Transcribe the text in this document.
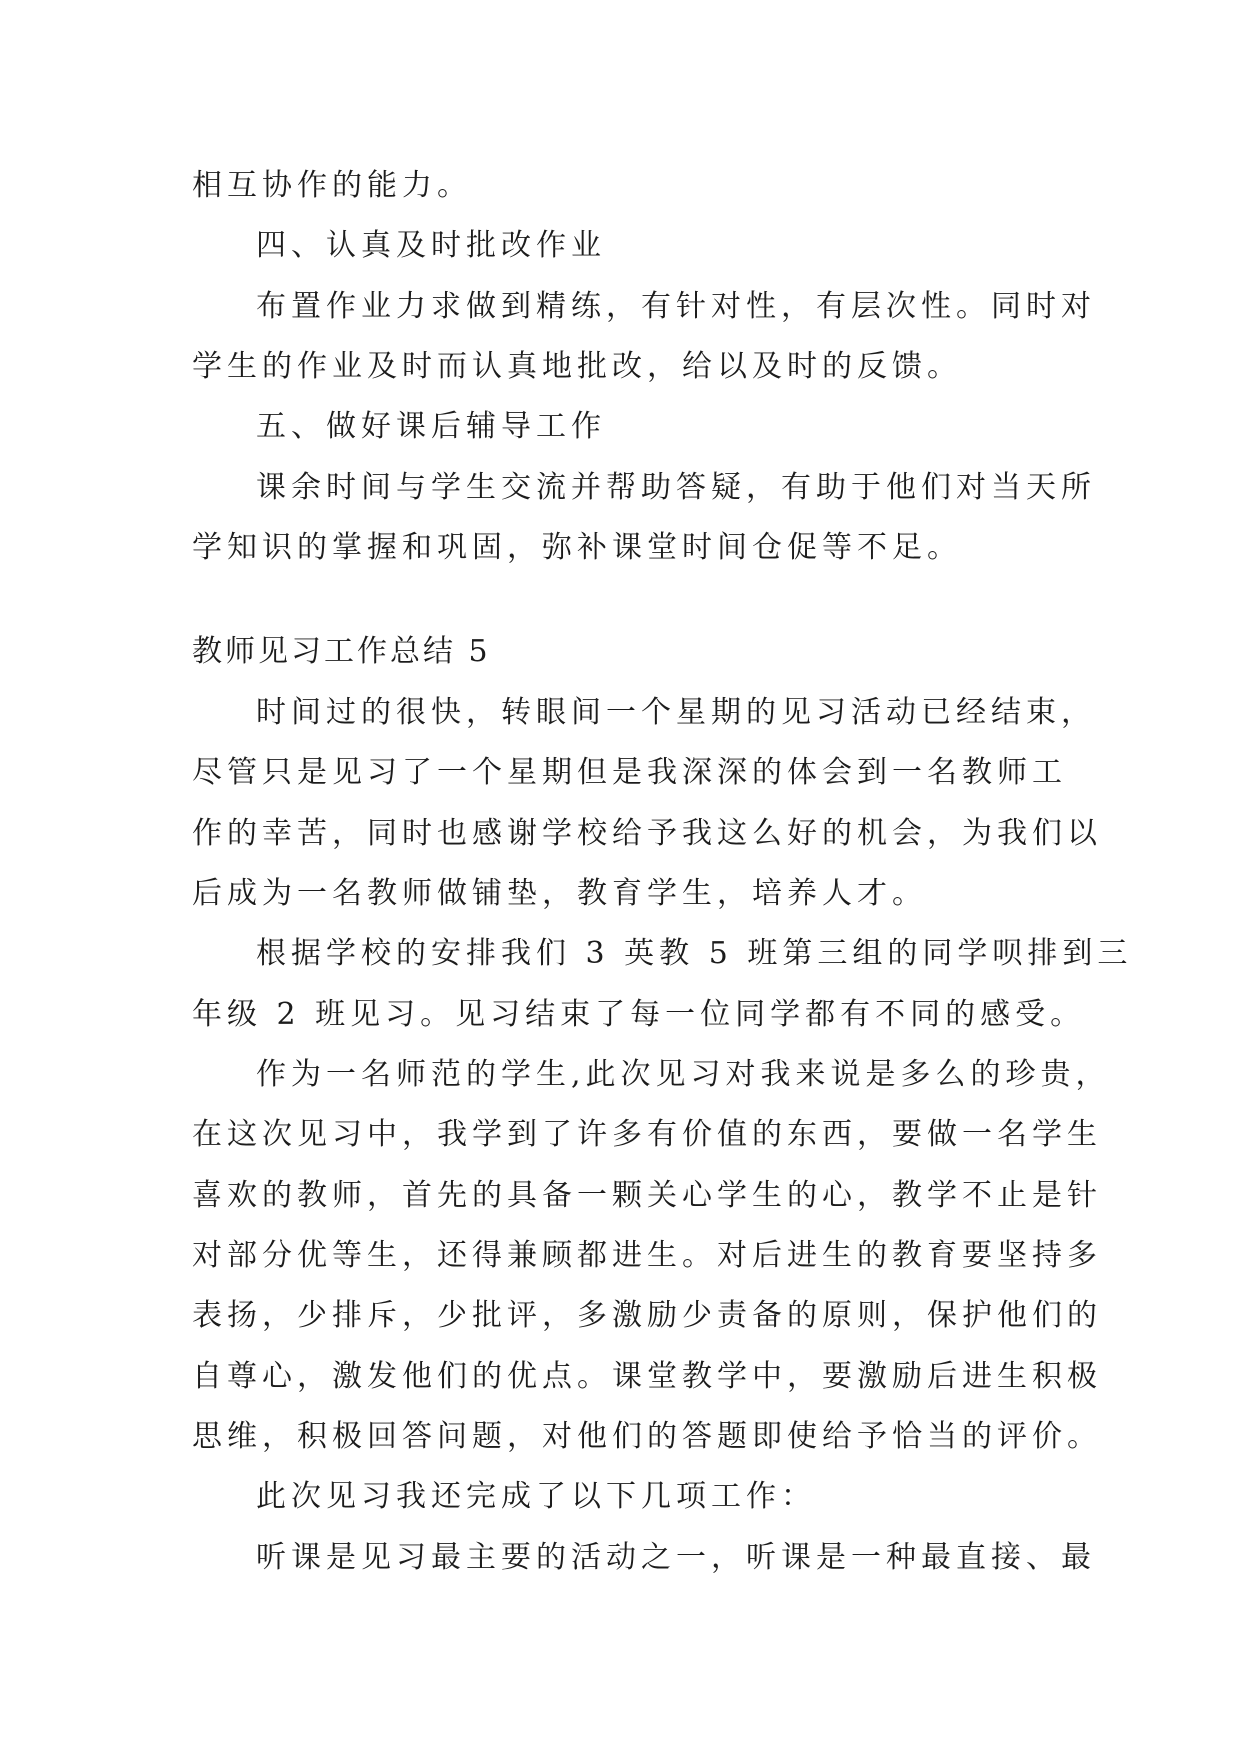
相互协作的能力。
四、认真及时批改作业
布置作业力求做到精练，有针对性，有层次性。同时对
学生的作业及时而认真地批改，给以及时的反馈。
五、做好课后辅导工作
课余时间与学生交流并帮助答疑，有助于他们对当天所
学知识的掌握和巩固，弥补课堂时间仓促等不足。
教师见习工作总结 5
时间过的很快，转眼间一个星期的见习活动已经结束，
尽管只是见习了一个星期但是我深深的体会到一名教师工
作的幸苦，同时也感谢学校给予我这么好的机会，为我们以
后成为一名教师做铺垫，教育学生，培养人才。
根据学校的安排我们 3 英教 5 班第三组的同学呗排到三
年级 2 班见习。见习结束了每一位同学都有不同的感受。
作为一名师范的学生,此次见习对我来说是多么的珍贵，
在这次见习中，我学到了许多有价值的东西，要做一名学生
喜欢的教师，首先的具备一颗关心学生的心，教学不止是针
对部分优等生，还得兼顾都进生。对后进生的教育要坚持多
表扬，少排斥，少批评，多激励少责备的原则，保护他们的
自尊心，激发他们的优点。课堂教学中，要激励后进生积极
思维，积极回答问题，对他们的答题即使给予恰当的评价。
此次见习我还完成了以下几项工作：
听课是见习最主要的活动之一，听课是一种最直接、最
